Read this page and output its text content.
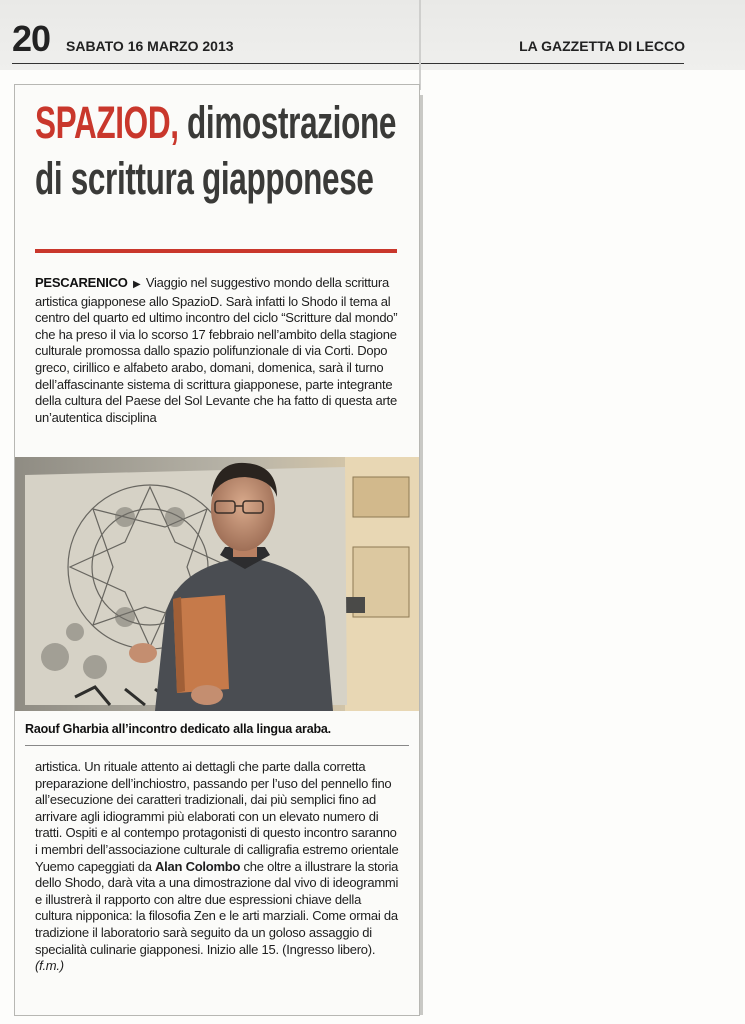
20 SABATO 16 MARZO 2013	LA GAZZETTA DI LECCO
SPAZIOD, dimostrazione
di scrittura giapponese
PESCARENICO ▶ Viaggio nel suggestivo mondo della scrittura artistica giapponese allo SpazioD. Sarà infatti lo Shodo il tema al centro del quarto ed ultimo incontro del ciclo “Scritture dal mondo” che ha preso il via lo scorso 17 febbraio nell’ambito della stagione culturale promossa dallo spazio polifunzionale di via Corti. Dopo greco, cirillico e alfabeto arabo, domani, domenica, sarà il turno dell’affascinante sistema di scrittura giapponese, parte integrante della cultura del Paese del Sol Levante che ha fatto di questa arte un’autentica disciplina
Raouf Gharbia all’incontro dedicato alla lingua araba.
artistica. Un rituale attento ai dettagli che parte dalla corretta preparazione dell’inchiostro, passando per l’uso del pennello fino all’esecuzione dei caratteri tradizionali, dai più semplici fino ad arrivare agli idiogrammi più elaborati con un elevato numero di tratti. Ospiti e al contempo protagonisti di questo incontro saranno i membri dell’associazione culturale di calligrafia estremo orientale Yuemo capeggiati da Alan Colombo che oltre a illustrare la storia dello Shodo, darà vita a una dimostrazione dal vivo di ideogrammi e illustrerà il rapporto con altre due espressioni chiave della cultura nipponica: la filosofia Zen e le arti marziali. Come ormai da tradizione il laboratorio sarà seguito da un goloso assaggio di specialità culinarie giapponesi. Inizio alle 15. (Ingresso libero). (f.m.)
